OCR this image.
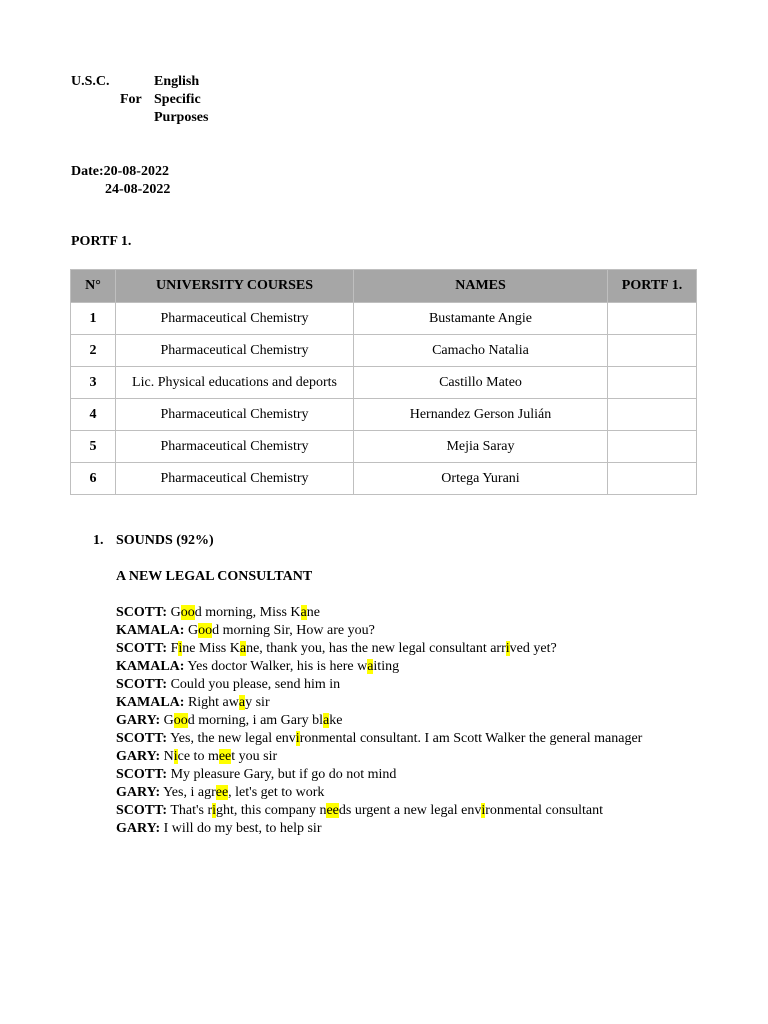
U.S.C.	English
Specific
Purposes
For
Date:20-08-2022
24-08-2022
PORTF 1.
N°	UNIVERSITY COURSES	NAMES	PORTF 1.
1	Pharmaceutical Chemistry	Bustamante Angie	
2	Pharmaceutical Chemistry	Camacho Natalia	
3	Lic. Physical educations and deports	Castillo Mateo	
4	Pharmaceutical Chemistry	Hernandez Gerson Julián	
5	Pharmaceutical Chemistry	Mejia Saray	
6	Pharmaceutical Chemistry	Ortega Yurani	
1. SOUNDS (92%)
A NEW LEGAL CONSULTANT
SCOTT: Good morning, Miss Kane
KAMALA: Good morning Sir, How are you?
SCOTT: Fine Miss Kane, thank you, has the new legal consultant arrived yet?
KAMALA: Yes doctor Walker, his is here waiting
SCOTT: Could you please, send him in
KAMALA: Right away sir
GARY: Good morning, i am Gary blake
SCOTT: Yes, the new legal environmental consultant. I am Scott Walker the general manager
GARY: Nice to meet you sir
SCOTT: My pleasure Gary, but if go do not mind
GARY: Yes, i agree, let's get to work
SCOTT: That's right, this company needs urgent a new legal environmental consultant
GARY: I will do my best, to help sir
